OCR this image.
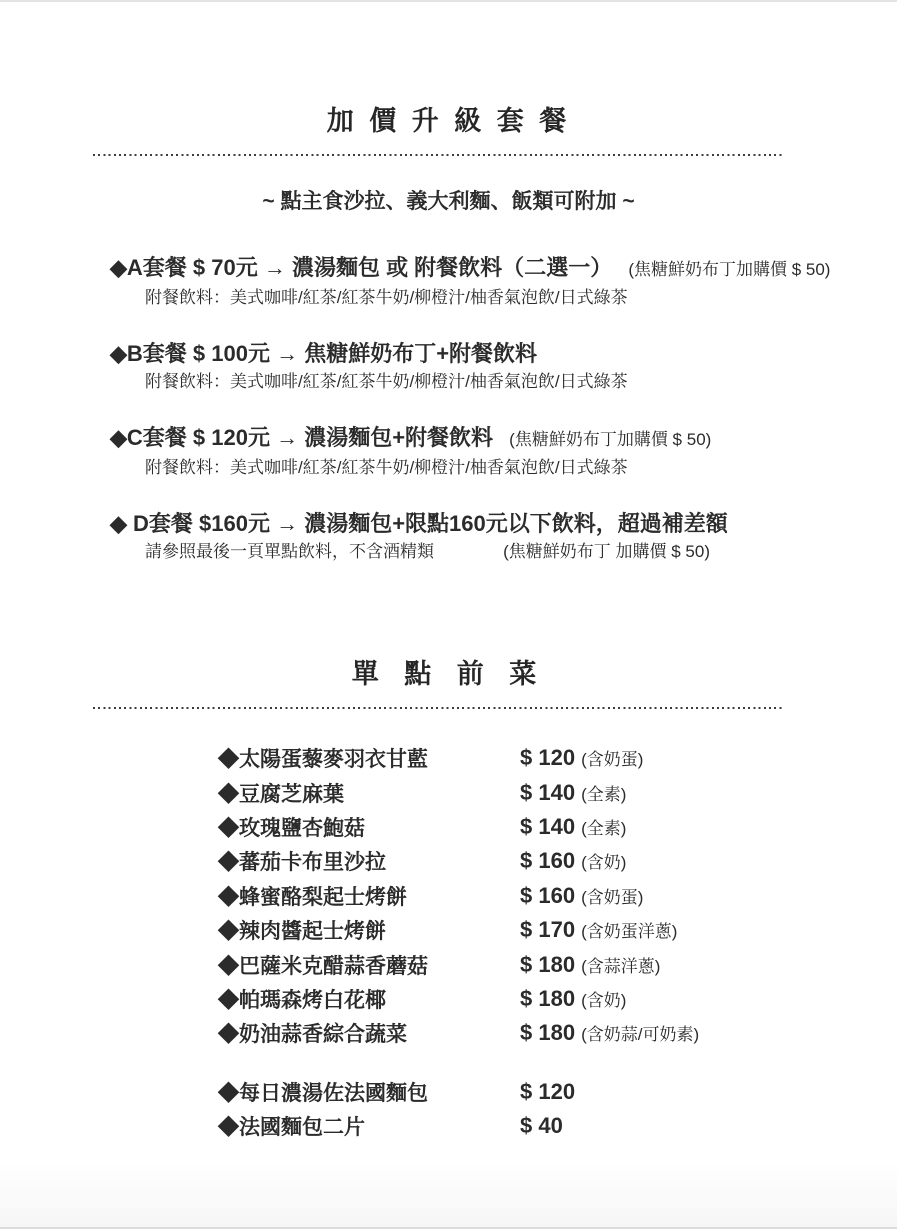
加 價 升 級 套 餐
~ 點主食沙拉、義大利麵、飯類可附加 ~
◆A套餐 $ 70元 → 濃湯麵包 或 附餐飲料（二選一） (焦糖鮮奶布丁加購價 $ 50)
附餐飲料：美式咖啡/紅茶/紅茶牛奶/柳橙汁/柚香氣泡飲/日式綠茶
◆B套餐 $ 100元 → 焦糖鮮奶布丁+附餐飲料
附餐飲料：美式咖啡/紅茶/紅茶牛奶/柳橙汁/柚香氣泡飲/日式綠茶
◆C套餐 $ 120元 → 濃湯麵包+附餐飲料 (焦糖鮮奶布丁加購價 $ 50)
附餐飲料：美式咖啡/紅茶/紅茶牛奶/柳橙汁/柚香氣泡飲/日式綠茶
◆ D套餐 $160元 → 濃湯麵包+限點160元以下飲料，超過補差額
請參照最後一頁單點飲料，不含酒精類	(焦糖鮮奶布丁 加購價 $ 50)
單 點 前 菜
◆太陽蛋藜麥羽衣甘藍	$ 120 (含奶蛋)
◆豆腐芝麻葉	$ 140 (全素)
◆玫瑰鹽杏鮑菇	$ 140 (全素)
◆蕃茄卡布里沙拉	$ 160 (含奶)
◆蜂蜜酪梨起士烤餅	$ 160 (含奶蛋)
◆辣肉醬起士烤餅	$ 170 (含奶蛋洋蔥)
◆巴薩米克醋蒜香蘑菇	$ 180 (含蒜洋蔥)
◆帕瑪森烤白花椰	$ 180 (含奶)
◆奶油蒜香綜合蔬菜	$ 180 (含奶蒜/可奶素)
◆每日濃湯佐法國麵包	$ 120
◆法國麵包二片	$ 40
